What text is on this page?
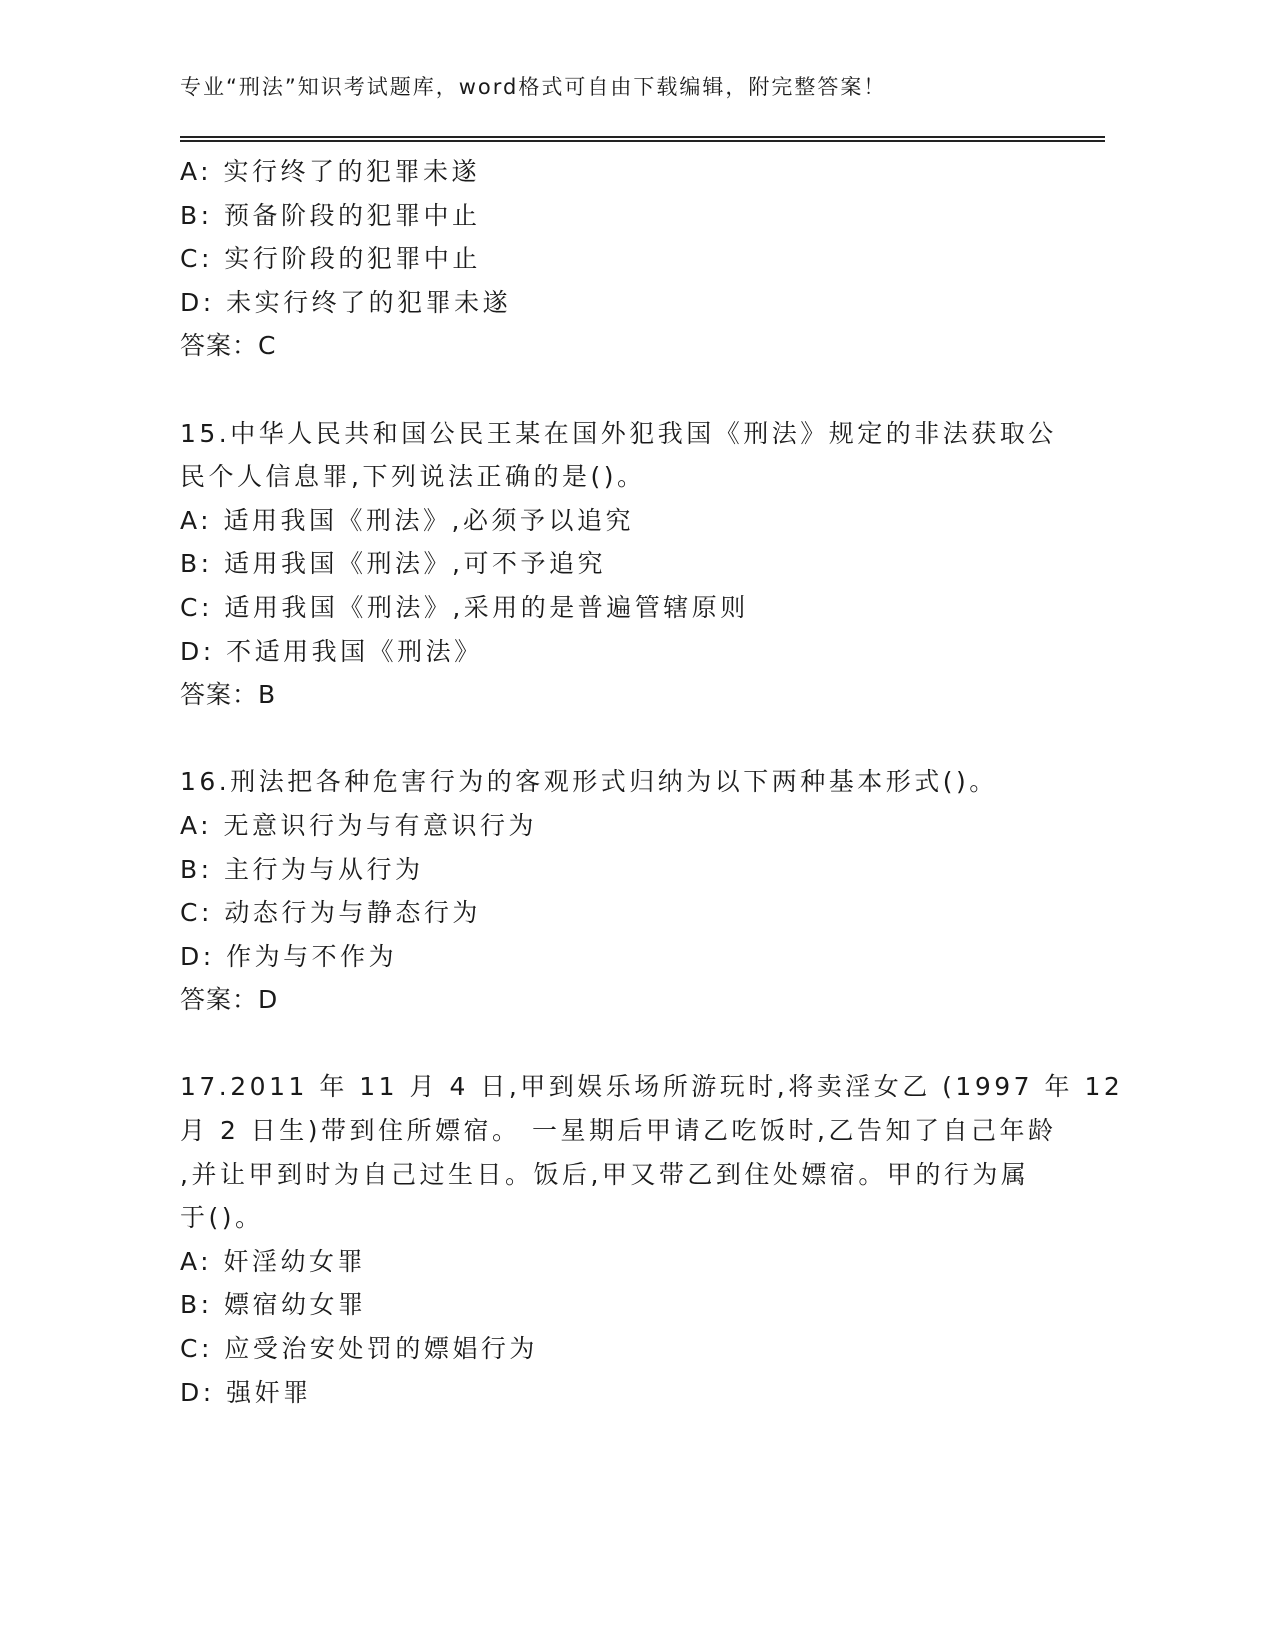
专业“刑法”知识考试题库，word格式可自由下载编辑，附完整答案！
A: 实行终了的犯罪未遂
B: 预备阶段的犯罪中止
C: 实行阶段的犯罪中止
D: 未实行终了的犯罪未遂
答案：C
15.中华人民共和国公民王某在国外犯我国《刑法》规定的非法获取公
民个人信息罪,下列说法正确的是()。
A: 适用我国《刑法》,必须予以追究
B: 适用我国《刑法》,可不予追究
C: 适用我国《刑法》,采用的是普遍管辖原则
D: 不适用我国《刑法》
答案：B
16.刑法把各种危害行为的客观形式归纳为以下两种基本形式()。
A: 无意识行为与有意识行为
B: 主行为与从行为
C: 动态行为与静态行为
D: 作为与不作为
答案：D
17.2011 年 11 月 4 日,甲到娱乐场所游玩时,将卖淫女乙 (1997 年 12
月 2 日生)带到住所嫖宿。 一星期后甲请乙吃饭时,乙告知了自己年龄
,并让甲到时为自己过生日。饭后,甲又带乙到住处嫖宿。甲的行为属
于()。
A: 奸淫幼女罪
B: 嫖宿幼女罪
C: 应受治安处罚的嫖娼行为
D: 强奸罪
